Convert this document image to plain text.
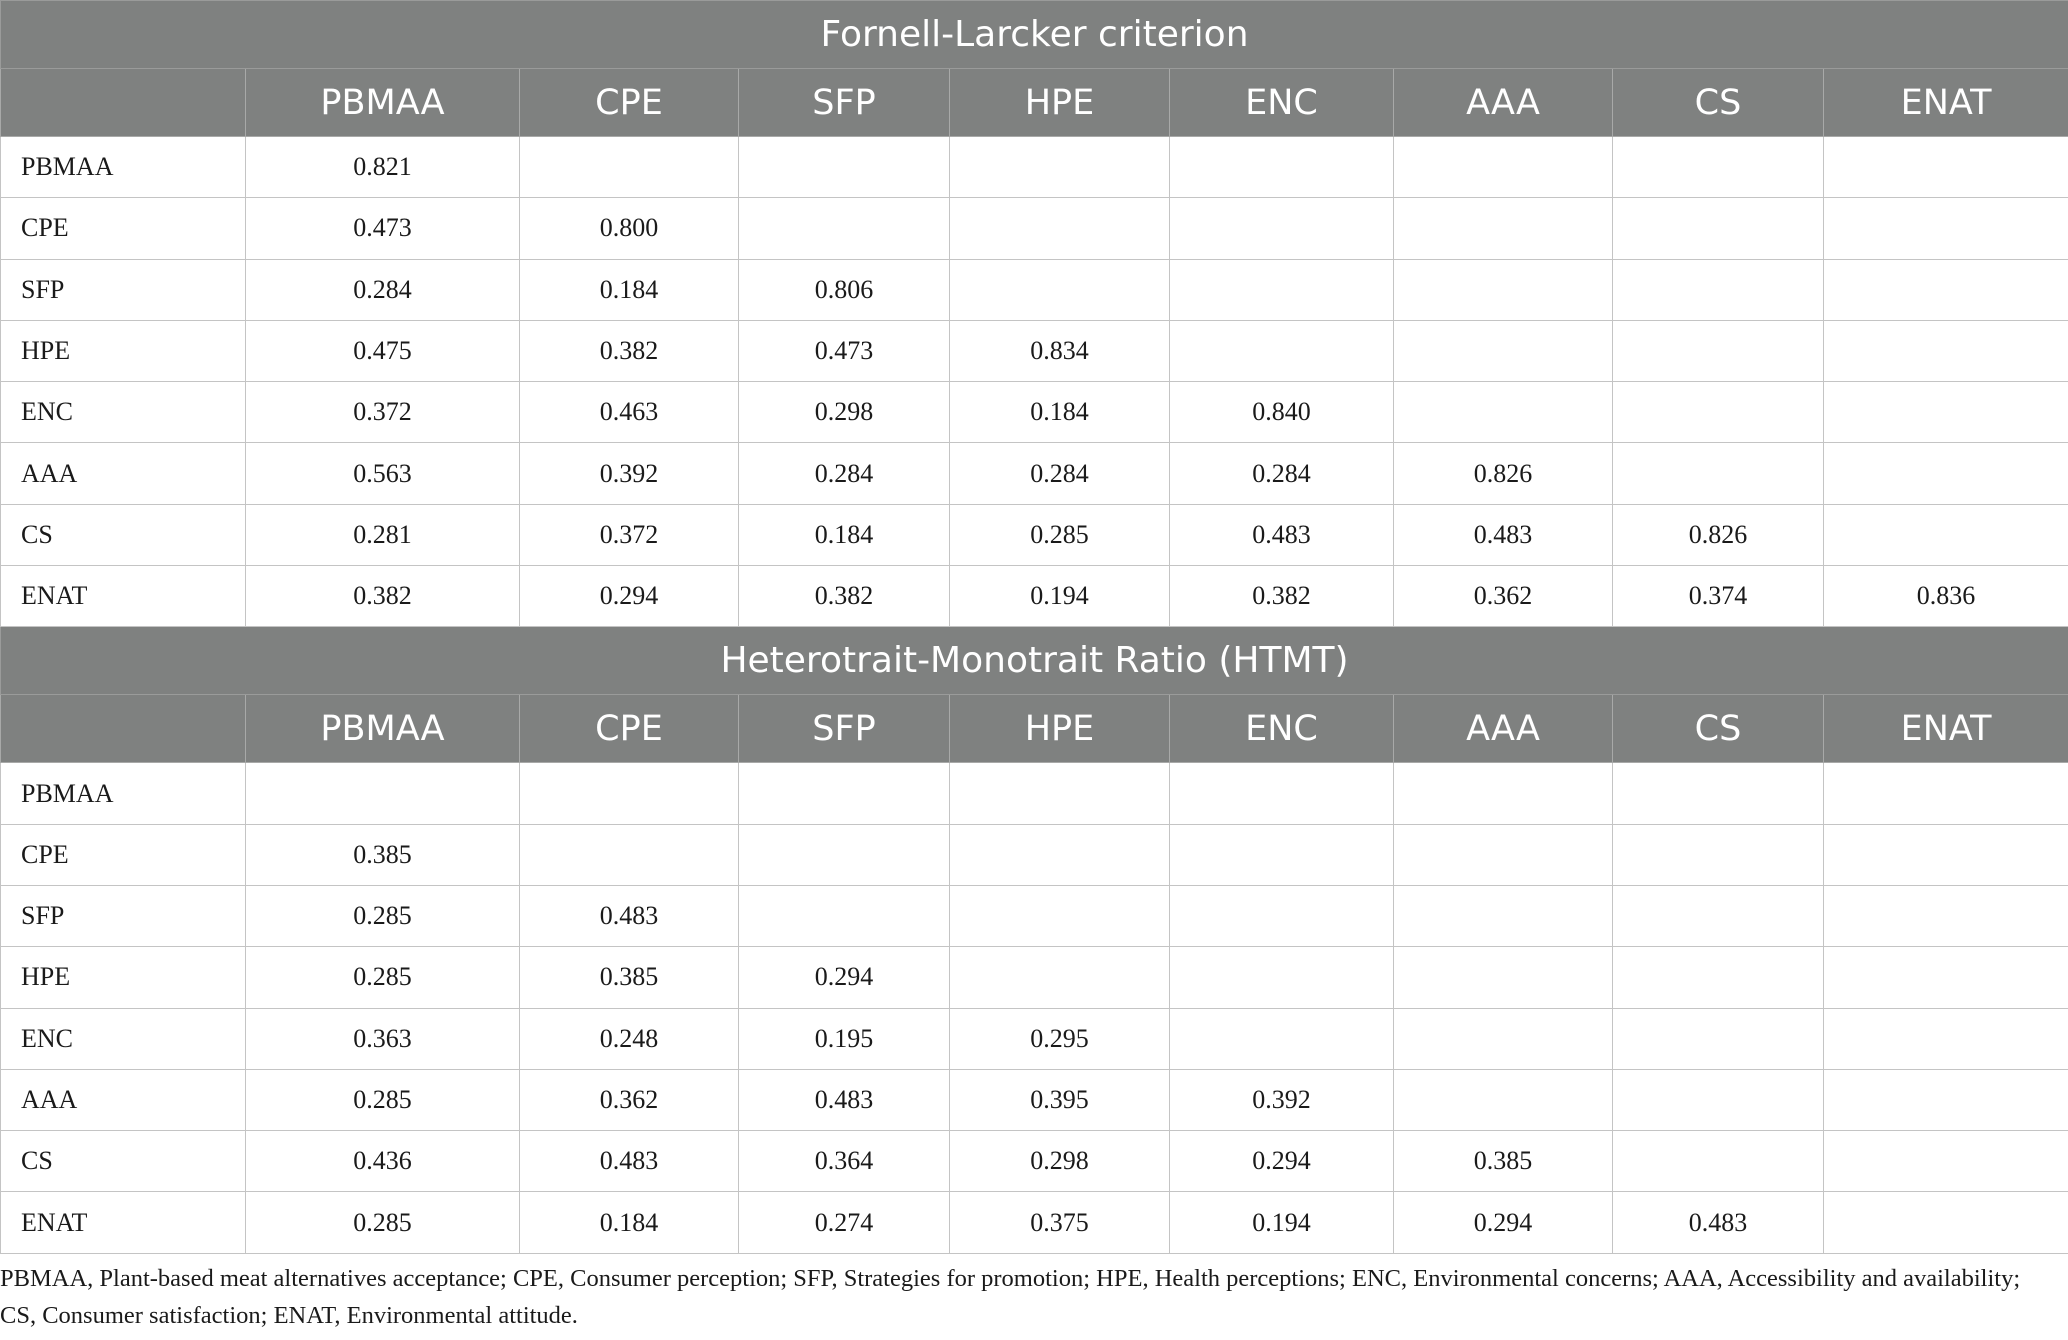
Fornell-Larcker criterion								
	PBMAA	CPE	SFP	HPE	ENC	AAA	CS	ENAT
PBMAA	0.821							
CPE	0.473	0.800						
SFP	0.284	0.184	0.806					
HPE	0.475	0.382	0.473	0.834				
ENC	0.372	0.463	0.298	0.184	0.840			
AAA	0.563	0.392	0.284	0.284	0.284	0.826		
CS	0.281	0.372	0.184	0.285	0.483	0.483	0.826	
ENAT	0.382	0.294	0.382	0.194	0.382	0.362	0.374	0.836
Heterotrait-Monotrait Ratio (HTMT)								
	PBMAA	CPE	SFP	HPE	ENC	AAA	CS	ENAT
PBMAA								
CPE	0.385							
SFP	0.285	0.483						
HPE	0.285	0.385	0.294					
ENC	0.363	0.248	0.195	0.295				
AAA	0.285	0.362	0.483	0.395	0.392			
CS	0.436	0.483	0.364	0.298	0.294	0.385		
ENAT	0.285	0.184	0.274	0.375	0.194	0.294	0.483	

PBMAA, Plant-based meat alternatives acceptance; CPE, Consumer perception; SFP, Strategies for promotion; HPE, Health perceptions; ENC, Environmental concerns; AAA, Accessibility and availability; CS, Consumer satisfaction; ENAT, Environmental attitude.
